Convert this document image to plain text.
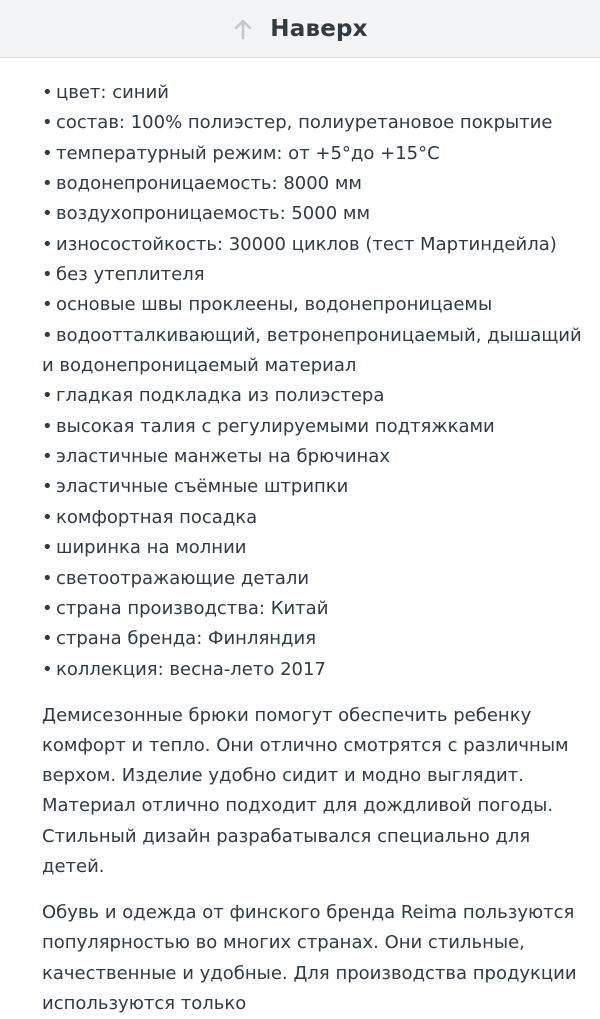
Наверх
• цвет: синий
• состав: 100% полиэстер, полиуретановое покрытие
• температурный режим: от +5°до +15°С
• водонепроницаемость: 8000 мм
• воздухопроницаемость: 5000 мм
• износостойкость: 30000 циклов (тест Мартиндейла)
• без утеплителя
• основые швы проклеены, водонепроницаемы
• водоотталкивающий, ветронепроницаемый, дышащий и водонепроницаемый материал
• гладкая подкладка из полиэстера
• высокая талия с регулируемыми подтяжками
• эластичные манжеты на брючинах
• эластичные съёмные штрипки
• комфортная посадка
• ширинка на молнии
• светоотражающие детали
• страна производства: Китай
• страна бренда: Финляндия
• коллекция: весна-лето 2017

Демисезонные брюки помогут обеспечить ребенку комфорт и тепло. Они отлично смотрятся с различным верхом. Изделие удобно сидит и модно выглядит. Материал отлично подходит для дождливой погоды. Стильный дизайн разрабатывался специально для детей.

Обувь и одежда от финского бренда Reima пользуются популярностью во многих странах. Они стильные, качественные и удобные. Для производства продукции используются только
